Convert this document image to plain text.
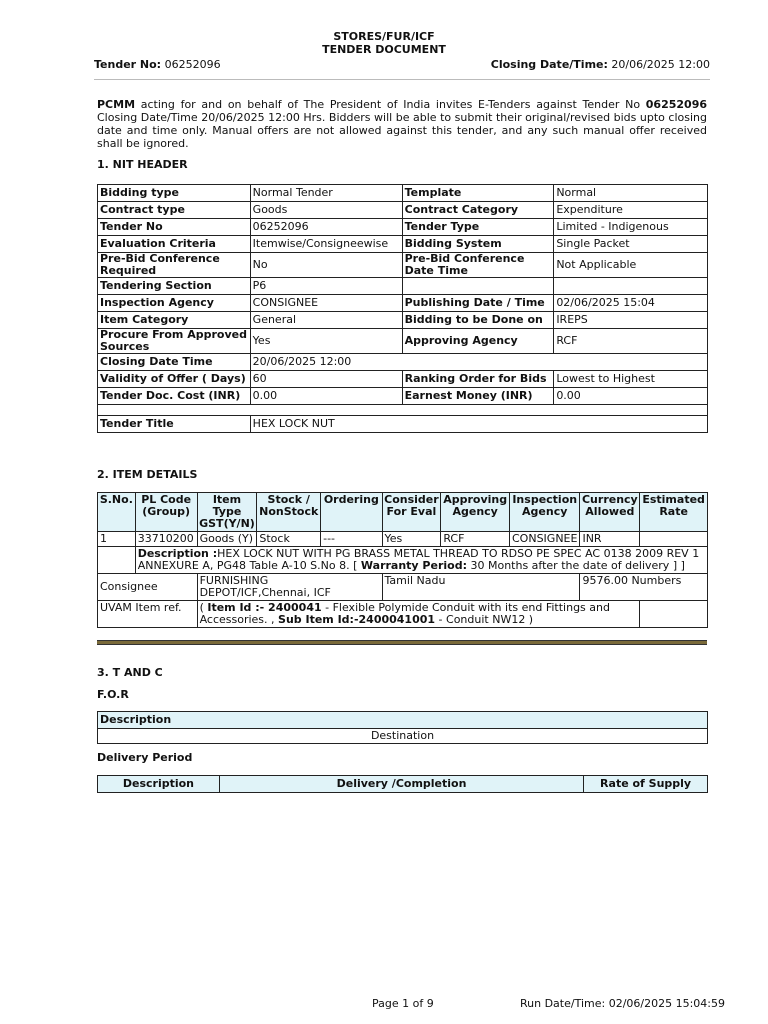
STORES/FUR/ICF
TENDER DOCUMENT
Tender No: 06252096	Closing Date/Time: 20/06/2025 12:00
PCMM acting for and on behalf of The President of India invites E-Tenders against Tender No 06252096 Closing Date/Time 20/06/2025 12:00 Hrs. Bidders will be able to submit their original/revised bids upto closing date and time only. Manual offers are not allowed against this tender, and any such manual offer received shall be ignored.
1. NIT HEADER
Bidding type	Normal Tender	Template	Normal
Contract type	Goods	Contract Category	Expenditure
Tender No	06252096	Tender Type	Limited - Indigenous
Evaluation Criteria	Itemwise/Consigneewise	Bidding System	Single Packet
Pre-Bid Conference Required	No	Pre-Bid Conference Date Time	Not Applicable
Tendering Section	P6		
Inspection Agency	CONSIGNEE	Publishing Date / Time	02/06/2025 15:04
Item Category	General	Bidding to be Done on	IREPS
Procure From Approved Sources	Yes	Approving Agency	RCF
Closing Date Time	20/06/2025 12:00		
Validity of Offer ( Days)	60	Ranking Order for Bids	Lowest to Highest
Tender Doc. Cost (INR)	0.00	Earnest Money (INR)	0.00

Tender Title	HEX LOCK NUT		
2. ITEM DETAILS
S.No.	PL Code (Group)	Item Type GST(Y/N)	Stock / NonStock	Ordering	Consider For Eval	Approving Agency	Inspection Agency	Currency Allowed	Estimated Rate
1	33710200	Goods (Y)	Stock	---	Yes	RCF	CONSIGNEE	INR	
	Description :HEX LOCK NUT WITH PG BRASS METAL THREAD TO RDSO PE SPEC AC 0138 2009 REV 1 ANNEXURE A, PG48 Table A-10 S.No 8. [ Warranty Period: 30 Months after the date of delivery ] ]								
Consignee		FURNISHING DEPOT/ICF,Chennai, ICF			Tamil Nadu			9576.00 Numbers	
UVAM Item ref.		( Item Id :- 2400041 - Flexible Polymide Conduit with its end Fittings and Accessories. , Sub Item Id:-2400041001 - Conduit NW12 )							
3. T AND C
F.O.R
Description
Destination
Delivery Period
Description	Delivery /Completion	Rate of Supply
Page 1 of 9	Run Date/Time: 02/06/2025 15:04:59
